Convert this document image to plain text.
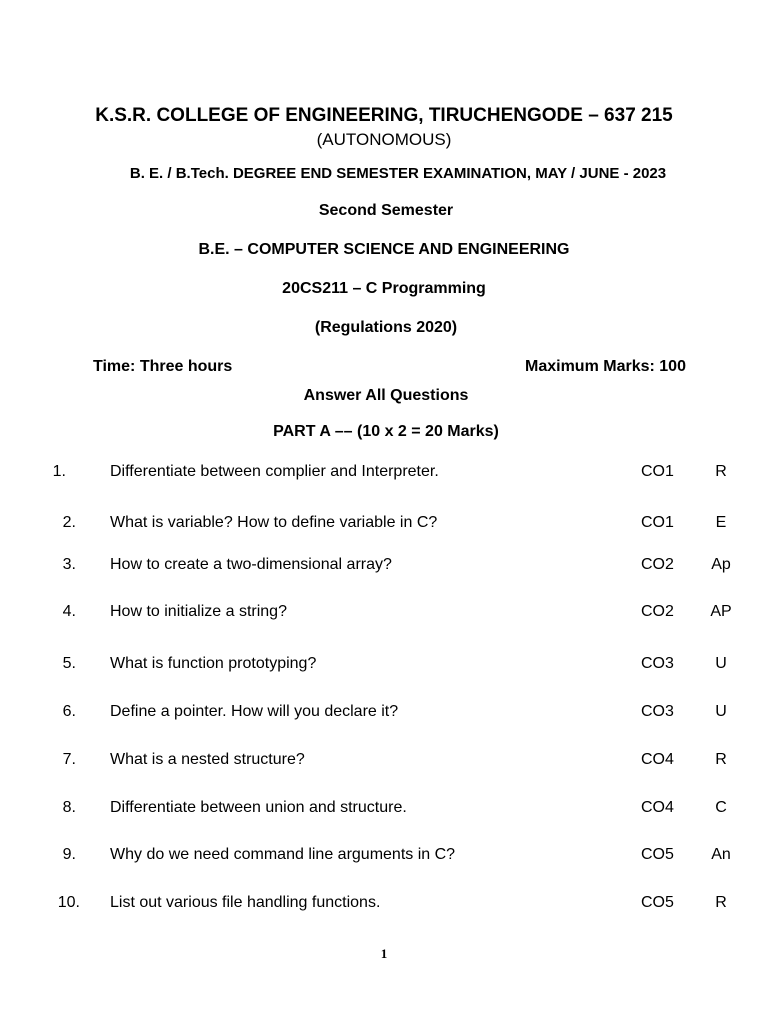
K.S.R. COLLEGE OF ENGINEERING, TIRUCHENGODE – 637 215
(AUTONOMOUS)
B. E. / B.Tech. DEGREE END SEMESTER EXAMINATION, MAY / JUNE - 2023
Second Semester
B.E. – COMPUTER SCIENCE AND ENGINEERING
20CS211 – C Programming
(Regulations 2020)
Time: Three hours	Maximum Marks: 100
Answer All Questions
PART A –– (10 x 2 = 20 Marks)
1.	Differentiate between complier and Interpreter.	CO1	R
2. What is variable? How to define variable in C?	CO1	E
3. How to create a two-dimensional array?	CO2	Ap
4. How to initialize a string?	CO2 AP
5. What is function prototyping?	CO3	U
6. Define a pointer. How will you declare it?	CO3	U
7. What is a nested structure?	CO4	R
8. Differentiate between union and structure.	CO4	C
9. Why do we need command line arguments in C?	CO5	An
10. List out various file handling functions.	CO5	R
1
